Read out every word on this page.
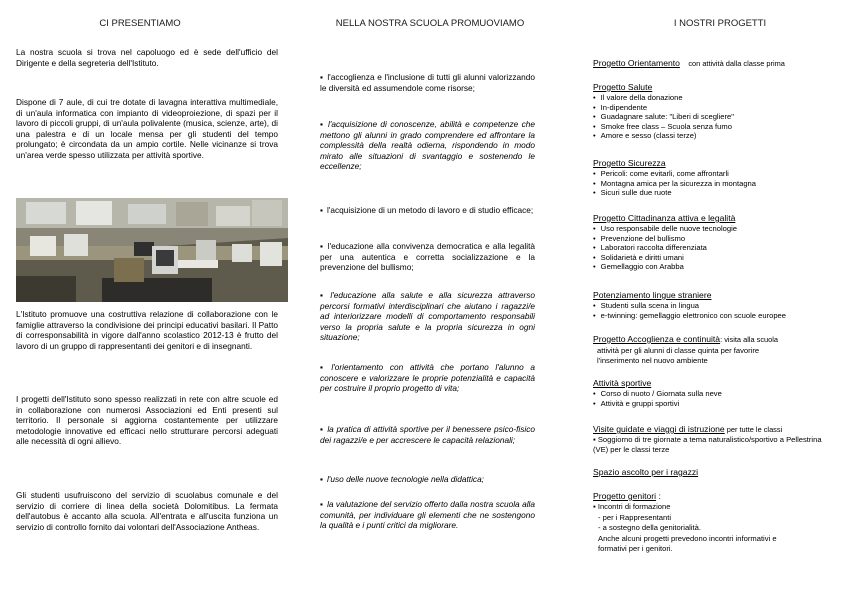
CI PRESENTIAMO
La nostra scuola si trova nel capoluogo ed è sede dell'ufficio del Dirigente e della segreteria dell'Istituto.
Dispone di 7 aule, di cui tre dotate di lavagna interattiva multimediale, di un'aula informatica con impianto di videoproiezione, di spazi per il lavoro di piccoli gruppi, di un'aula polivalente (musica, scienze, arte), di una palestra e di un locale mensa per gli studenti del tempo prolungato; è circondata da un ampio cortile. Nelle vicinanze si trova un'area verde spesso utilizzata per attività sportive.
L'Istituto promuove una costruttiva relazione di collaborazione con le famiglie attraverso la condivisione dei principi educativi basilari. Il Patto di corresponsabilità in vigore dall'anno scolastico 2012-13 è frutto del lavoro di un gruppo di rappresentanti dei genitori e di insegnanti.
I progetti dell'Istituto sono spesso realizzati in rete con altre scuole ed in collaborazione con numerosi Associazioni ed Enti presenti sul territorio. Il personale si aggiorna costantemente per utilizzare metodologie innovative ed efficaci nello strutturare percorsi adeguati alle necessità di ogni allievo.
Gli studenti usufruiscono del servizio di scuolabus comunale e del servizio di corriere di linea della società Dolomitibus. La fermata dell'autobus è accanto alla scuola. All'entrata e all'uscita funziona un servizio di controllo fornito dai volontari dell'Associazione Antheas.
NELLA NOSTRA SCUOLA PROMUOVIAMO
▪ l'accoglienza e l'inclusione di tutti gli alunni valorizzando le diversità ed assumendole come risorse;
▪ l'acquisizione di conoscenze, abilità e competenze che mettono gli alunni in grado comprendere ed affrontare la complessità della realtà odierna, rispondendo in modo mirato alle situazioni di svantaggio e sostenendo le eccellenze;
▪ l'acquisizione di un metodo di lavoro e di studio efficace;
▪ l'educazione alla convivenza democratica e alla legalità per una autentica e corretta socializzazione e la prevenzione del bullismo;
▪ l'educazione alla salute e alla sicurezza attraverso percorsi formativi interdisciplinari che aiutano i ragazzi/e ad interiorizzare modelli di comportamento responsabili verso la propria salute e la propria sicurezza in ogni situazione;
▪ l'orientamento con attività che portano l'alunno a conoscere e valorizzare le proprie potenzialità e capacità per costruire il proprio progetto di vita;
▪ la pratica di attività sportive per il benessere psico-fisico dei ragazzi/e e per accrescere le capacità relazionali;
▪ l'uso delle nuove tecnologie nella didattica;
▪ la valutazione del servizio offerto dalla nostra scuola alla comunità, per individuare gli elementi che ne sostengono la qualità e i punti critici da migliorare.
I NOSTRI PROGETTI
Progetto Orientamento con attività dalla classe prima
Progetto Salute
• Il valore della donazione
• In-dipendente
• Guadagnare salute: "Liberi di scegliere"
• Smoke free class – Scuola senza fumo
• Amore e sesso (classi terze)
Progetto Sicurezza
• Pericoli: come evitarli, come affrontarli
• Montagna amica per la sicurezza in montagna
• Sicuri sulle due ruote
Progetto Cittadinanza attiva e legalità
• Uso responsabile delle nuove tecnologie
• Prevenzione del bullismo
• Laboratori raccolta differenziata
• Solidarietà e diritti umani
• Gemellaggio con Arabba
Potenziamento lingue straniere
• Studenti sulla scena in lingua
• e-twinning: gemellaggio elettronico con scuole europee
Progetto Accoglienza e continuità: visita alla scuola
attività per gli alunni di classe quinta per favorire l'inserimento nel nuovo ambiente
Attività sportive
• Corso di nuoto / Giornata sulla neve
• Attività e gruppi sportivi
Visite guidate e viaggi di istruzione per tutte le classi
▪ Soggiorno di tre giornate a tema naturalistico/sportivo a Pellestrina (VE) per le classi terze
Spazio ascolto per i ragazzi
Progetto genitori :
▪ Incontri di formazione
- per i Rappresentanti
- a sostegno della genitorialità.
Anche alcuni progetti prevedono incontri informativi e formativi per i genitori.
